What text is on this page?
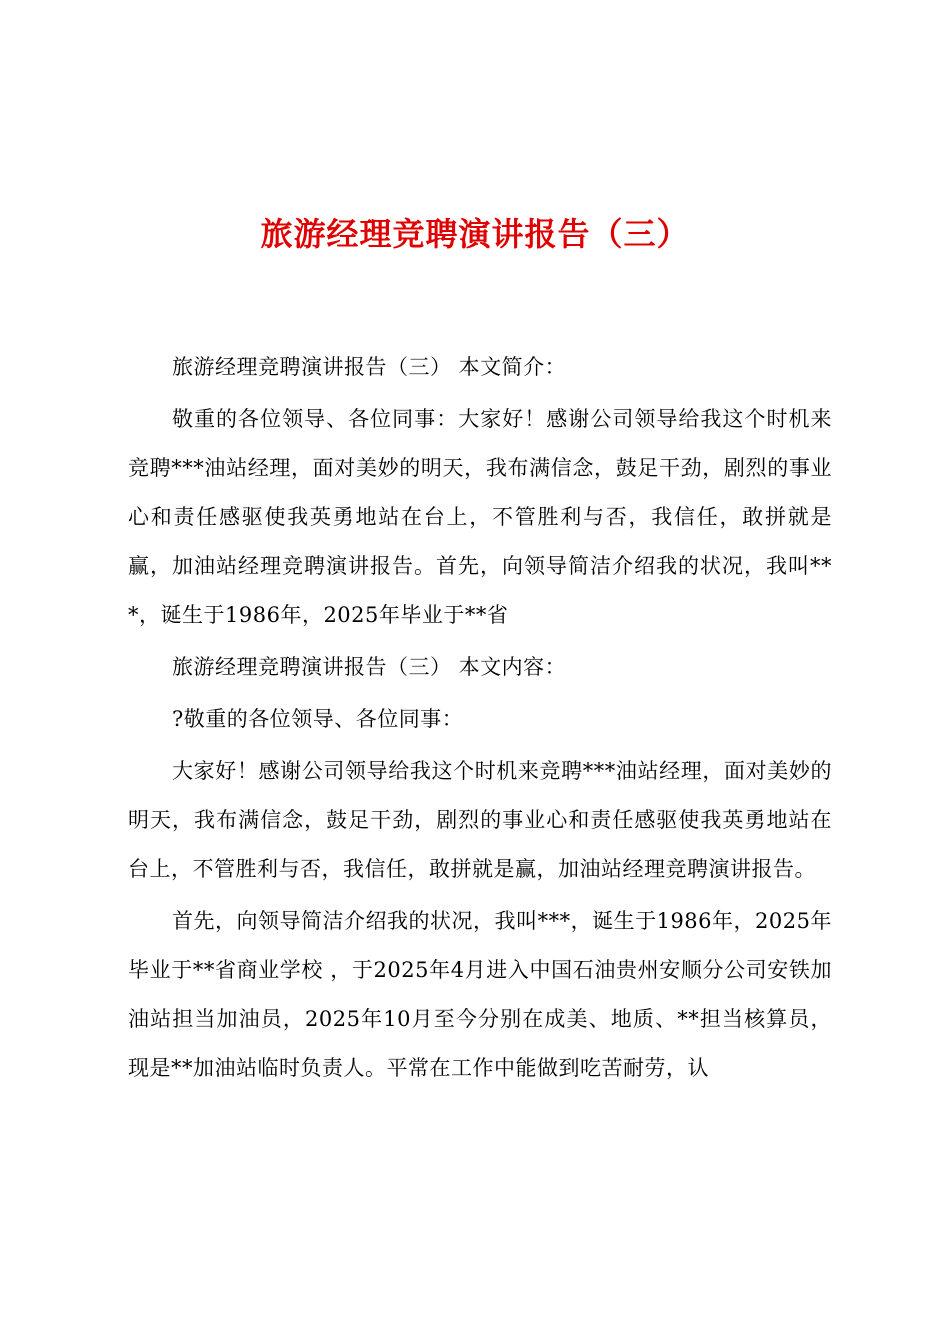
旅游经理竞聘演讲报告（三）

旅游经理竞聘演讲报告（三） 本文简介：

敬重的各位领导、各位同事：大家好！感谢公司领导给我这个时机来竞聘***油站经理，面对美妙的明天，我布满信念，鼓足干劲，剧烈的事业心和责任感驱使我英勇地站在台上，不管胜利与否，我信任，敢拼就是赢，加油站经理竞聘演讲报告。首先，向领导简洁介绍我的状况，我叫***，诞生于1986年，2025年毕业于**省

旅游经理竞聘演讲报告（三） 本文内容：

?敬重的各位领导、各位同事：

大家好！感谢公司领导给我这个时机来竞聘***油站经理，面对美妙的明天，我布满信念，鼓足干劲，剧烈的事业心和责任感驱使我英勇地站在台上，不管胜利与否，我信任，敢拼就是赢，加油站经理竞聘演讲报告。

首先，向领导简洁介绍我的状况，我叫***，诞生于1986年，2025年毕业于**省商业学校 ，于2025年4月进入中国石油贵州安顺分公司安铁加油站担当加油员，2025年10月至今分别在成美、地质、**担当核算员，现是**加油站临时负责人。平常在工作中能做到吃苦耐劳，认
